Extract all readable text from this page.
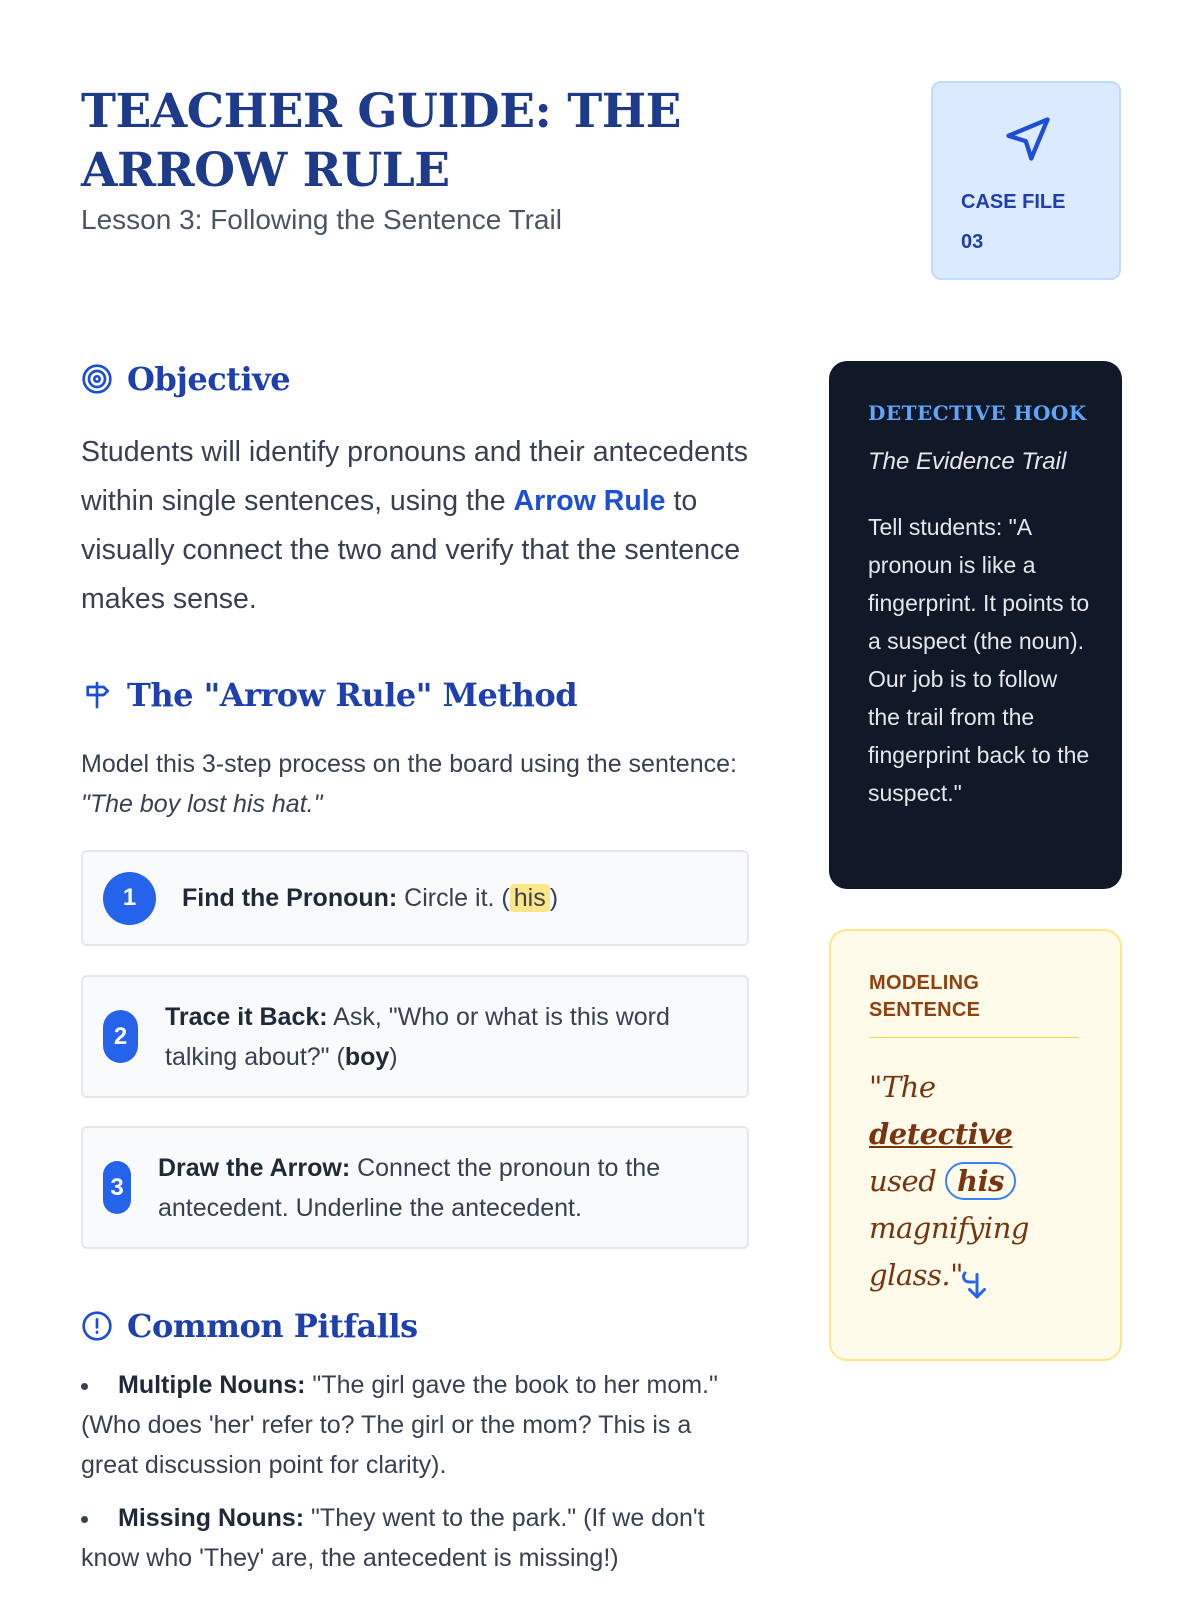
TEACHER GUIDE: THE ARROW RULE
Lesson 3: Following the Sentence Trail
CASE FILE
03
Objective
Students will identify pronouns and their antecedents within single sentences, using the Arrow Rule to visually connect the two and verify that the sentence makes sense.
The "Arrow Rule" Method
Model this 3-step process on the board using the sentence: "The boy lost his hat."
1	Find the Pronoun: Circle it. ( his )
2
Trace it Back: Ask, "Who or what is this word talking about?" (boy)
3
Draw the Arrow: Connect the pronoun to the antecedent. Underline the antecedent.
Common Pitfalls
Multiple Nouns: "The girl gave the book to her mom." (Who does 'her' refer to? The girl or the mom? This is a great discussion point for clarity).
Missing Nouns: "They went to the park." (If we don't know who 'They' are, the antecedent is missing!)
DETECTIVE HOOK
The Evidence Trail
Tell students: "A pronoun is like a fingerprint. It points to a suspect (the noun). Our job is to follow the trail from the fingerprint back to the suspect."
MODELING SENTENCE
"The detective used his magnifying glass."
